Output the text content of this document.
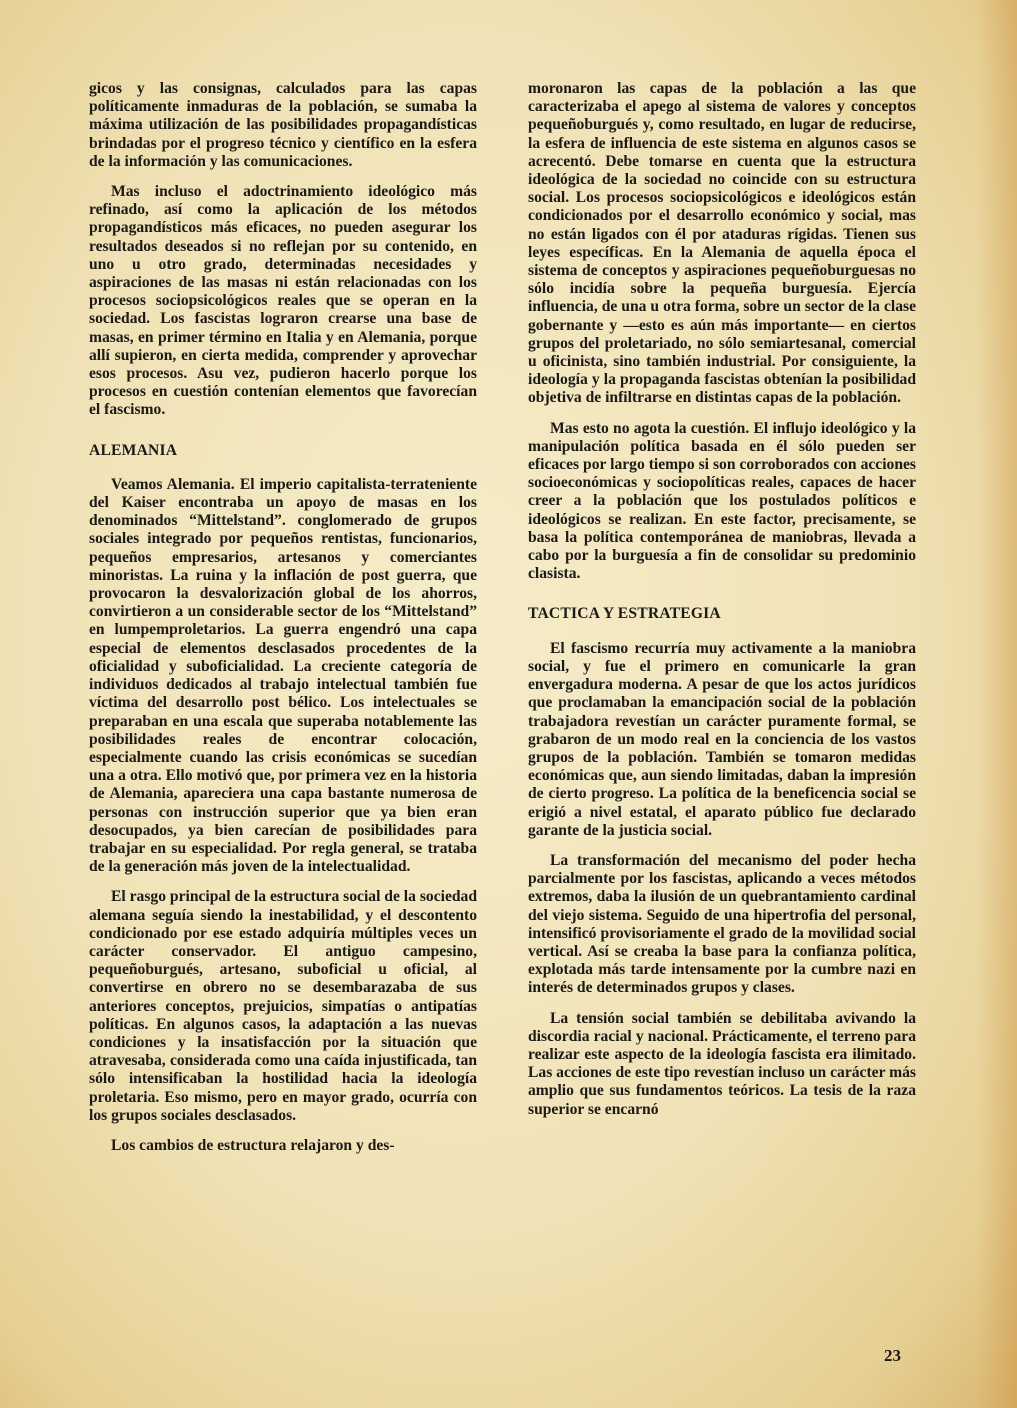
gicos y las consignas, calculados para las capas políticamente inmaduras de la población, se sumaba la máxima utilización de las posibilidades propagandísticas brindadas por el progreso técnico y científico en la esfera de la información y las comunicaciones.

Mas incluso el adoctrinamiento ideológico más refinado, así como la aplicación de los métodos propagandísticos más eficaces, no pueden asegurar los resultados deseados si no reflejan por su contenido, en uno u otro grado, determinadas necesidades y aspiraciones de las masas ni están relacionadas con los procesos sociopsicológicos reales que se operan en la sociedad. Los fascistas lograron crearse una base de masas, en primer término en Italia y en Alemania, porque allí supieron, en cierta medida, comprender y aprovechar esos procesos. Asu vez, pudieron hacerlo porque los procesos en cuestión contenían elementos que favorecían el fascismo.

ALEMANIA

Veamos Alemania. El imperio capitalista-terrateniente del Kaiser encontraba un apoyo de masas en los denominados “Mittelstand”. conglomerado de grupos sociales integrado por pequeños rentistas, funcionarios, pequeños empresarios, artesanos y comerciantes minoristas. La ruina y la inflación de post guerra, que provocaron la desvalorización global de los ahorros, convirtieron a un considerable sector de los “Mittelstand” en lumpemproletarios. La guerra engendró una capa especial de elementos desclasados procedentes de la oficialidad y suboficialidad. La creciente categoría de individuos dedicados al trabajo intelectual también fue víctima del desarrollo post bélico. Los intelectuales se preparaban en una escala que superaba notablemente las posibilidades reales de encontrar colocación, especialmente cuando las crisis económicas se sucedían una a otra. Ello motivó que, por primera vez en la historia de Alemania, apareciera una capa bastante numerosa de personas con instrucción superior que ya bien eran desocupados, ya bien carecían de posibilidades para trabajar en su especialidad. Por regla general, se trataba de la generación más joven de la intelectualidad.

El rasgo principal de la estructura social de la sociedad alemana seguía siendo la inestabilidad, y el descontento condicionado por ese estado adquiría múltiples veces un carácter conservador. El antiguo campesino, pequeñoburgués, artesano, suboficial u oficial, al convertirse en obrero no se desembarazaba de sus anteriores conceptos, prejuicios, simpatías o antipatías políticas. En algunos casos, la adaptación a las nuevas condiciones y la insatisfacción por la situación que atravesaba, considerada como una caída injustificada, tan sólo intensificaban la hostilidad hacia la ideología proletaria. Eso mismo, pero en mayor grado, ocurría con los grupos sociales desclasados.

Los cambios de estructura relajaron y des-

moronaron las capas de la población a las que caracterizaba el apego al sistema de valores y conceptos pequeñoburgués y, como resultado, en lugar de reducirse, la esfera de influencia de este sistema en algunos casos se acrecentó. Debe tomarse en cuenta que la estructura ideológica de la sociedad no coincide con su estructura social. Los procesos sociopsicológicos e ideológicos están condicionados por el desarrollo económico y social, mas no están ligados con él por ataduras rígidas. Tienen sus leyes específicas. En la Alemania de aquella época el sistema de conceptos y aspiraciones pequeñoburguesas no sólo incidía sobre la pequeña burguesía. Ejercía influencia, de una u otra forma, sobre un sector de la clase gobernante y —esto es aún más importante— en ciertos grupos del proletariado, no sólo semiartesanal, comercial u oficinista, sino también industrial. Por consiguiente, la ideología y la propaganda fascistas obtenían la posibilidad objetiva de infiltrarse en distintas capas de la población.

Mas esto no agota la cuestión. El influjo ideológico y la manipulación política basada en él sólo pueden ser eficaces por largo tiempo si son corroborados con acciones socioeconómicas y sociopolíticas reales, capaces de hacer creer a la población que los postulados políticos e ideológicos se realizan. En este factor, precisamente, se basa la política contemporánea de maniobras, llevada a cabo por la burguesía a fin de consolidar su predominio clasista.

TACTICA Y ESTRATEGIA

El fascismo recurría muy activamente a la maniobra social, y fue el primero en comunicarle la gran envergadura moderna. A pesar de que los actos jurídicos que proclamaban la emancipación social de la población trabajadora revestían un carácter puramente formal, se grabaron de un modo real en la conciencia de los vastos grupos de la población. También se tomaron medidas económicas que, aun siendo limitadas, daban la impresión de cierto progreso. La política de la beneficencia social se erigió a nivel estatal, el aparato público fue declarado garante de la justicia social.

La transformación del mecanismo del poder hecha parcialmente por los fascistas, aplicando a veces métodos extremos, daba la ilusión de un quebrantamiento cardinal del viejo sistema. Seguido de una hipertrofia del personal, intensificó provisoriamente el grado de la movilidad social vertical. Así se creaba la base para la confianza política, explotada más tarde intensamente por la cumbre nazi en interés de determinados grupos y clases.

La tensión social también se debilitaba avivando la discordia racial y nacional. Prácticamente, el terreno para realizar este aspecto de la ideología fascista era ilimitado. Las acciones de este tipo revestían incluso un carácter más amplio que sus fundamentos teóricos. La tesis de la raza superior se encarnó

23
